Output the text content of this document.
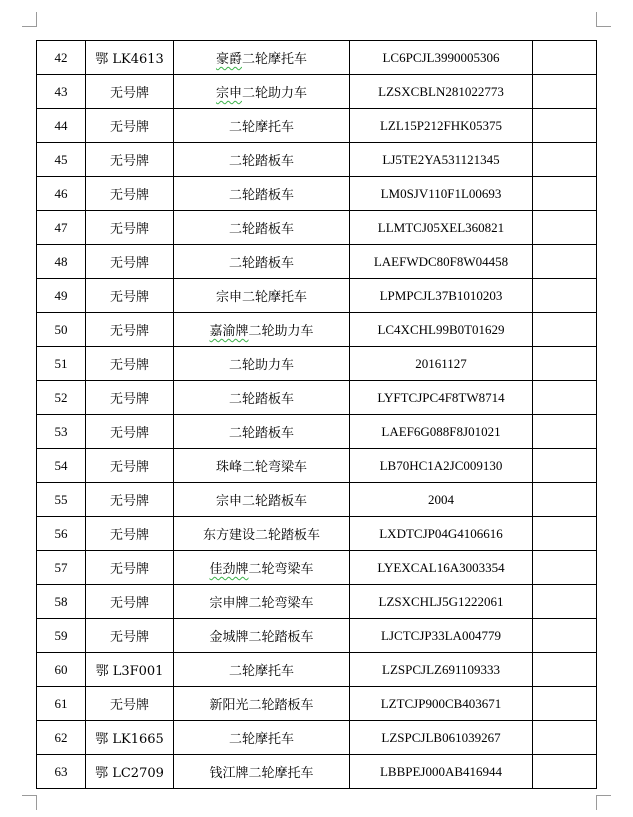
42	鄂 LK4613	豪爵二轮摩托车	LC6PCJL3990005306	
43	无号牌	宗申二轮助力车	LZSXCBLN281022773	
44	无号牌	二轮摩托车	LZL15P212FHK05375	
45	无号牌	二轮踏板车	LJ5TE2YA531121345	
46	无号牌	二轮踏板车	LM0SJV110F1L00693	
47	无号牌	二轮踏板车	LLMTCJ05XEL360821	
48	无号牌	二轮踏板车	LAEFWDC80F8W04458	
49	无号牌	宗申二轮摩托车	LPMPCJL37B1010203	
50	无号牌	嘉渝牌二轮助力车	LC4XCHL99B0T01629	
51	无号牌	二轮助力车	20161127	
52	无号牌	二轮踏板车	LYFTCJPC4F8TW8714	
53	无号牌	二轮踏板车	LAEF6G088F8J01021	
54	无号牌	珠峰二轮弯梁车	LB70HC1A2JC009130	
55	无号牌	宗申二轮踏板车	2004	
56	无号牌	东方建设二轮踏板车	LXDTCJP04G4106616	
57	无号牌	佳劲牌二轮弯梁车	LYEXCAL16A3003354	
58	无号牌	宗申牌二轮弯梁车	LZSXCHLJ5G1222061	
59	无号牌	金城牌二轮踏板车	LJCTCJP33LA004779	
60	鄂 L3F001	二轮摩托车	LZSPCJLZ691109333	
61	无号牌	新阳光二轮踏板车	LZTCJP900CB403671	
62	鄂 LK1665	二轮摩托车	LZSPCJLB061039267	
63	鄂 LC2709	钱江牌二轮摩托车	LBBPEJ000AB416944	
